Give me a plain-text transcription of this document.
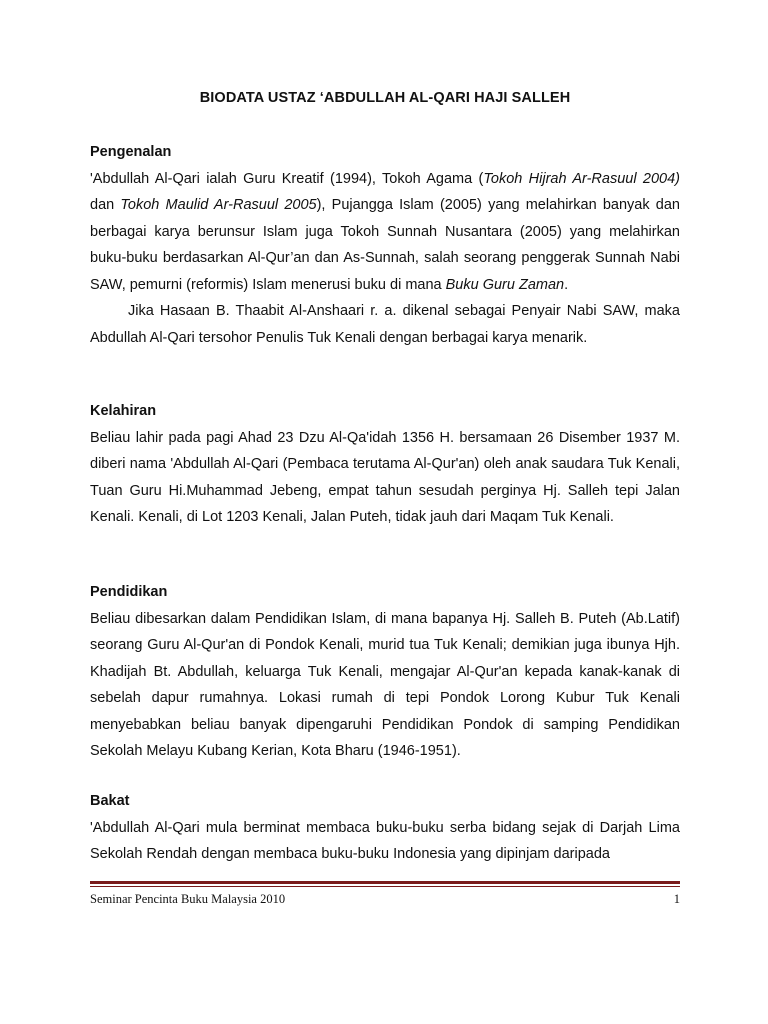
BIODATA USTAZ ‘ABDULLAH AL-QARI HAJI SALLEH

Pengenalan

'Abdullah Al-Qari ialah Guru Kreatif (1994), Tokoh Agama (Tokoh Hijrah Ar-Rasuul 2004) dan Tokoh Maulid Ar-Rasuul 2005), Pujangga Islam (2005) yang melahirkan banyak dan berbagai karya berunsur Islam juga Tokoh Sunnah Nusantara (2005) yang melahirkan buku-buku berdasarkan Al-Qur’an dan As-Sunnah, salah seorang penggerak Sunnah Nabi SAW, pemurni (reformis) Islam menerusi buku di mana Buku Guru Zaman.

Jika Hasaan B. Thaabit Al-Anshaari r. a. dikenal sebagai Penyair Nabi SAW, maka Abdullah Al-Qari tersohor Penulis Tuk Kenali dengan berbagai karya menarik.

Kelahiran

Beliau lahir pada pagi Ahad 23 Dzu Al-Qa'idah 1356 H. bersamaan 26 Disember 1937 M. diberi nama 'Abdullah Al-Qari (Pembaca terutama Al-Qur'an) oleh anak saudara Tuk Kenali, Tuan Guru Hi.Muhammad Jebeng, empat tahun sesudah perginya Hj. Salleh tepi Jalan Kenali. Kenali, di Lot 1203 Kenali, Jalan Puteh, tidak jauh dari Maqam Tuk Kenali.

Pendidikan

Beliau dibesarkan dalam Pendidikan Islam, di mana bapanya Hj. Salleh B. Puteh (Ab.Latif) seorang Guru Al-Qur'an di Pondok Kenali, murid tua Tuk Kenali; demikian juga ibunya Hjh. Khadijah Bt. Abdullah, keluarga Tuk Kenali, mengajar Al-Qur'an kepada kanak-kanak di sebelah dapur rumahnya. Lokasi rumah di tepi Pondok Lorong Kubur Tuk Kenali menyebabkan beliau banyak dipengaruhi Pendidikan Pondok di samping Pendidikan Sekolah Melayu Kubang Kerian, Kota Bharu (1946-1951).

Bakat

'Abdullah Al-Qari mula berminat membaca buku-buku serba bidang sejak di Darjah Lima Sekolah Rendah dengan membaca buku-buku Indonesia yang dipinjam daripada

Seminar Pencinta Buku Malaysia 2010	1
